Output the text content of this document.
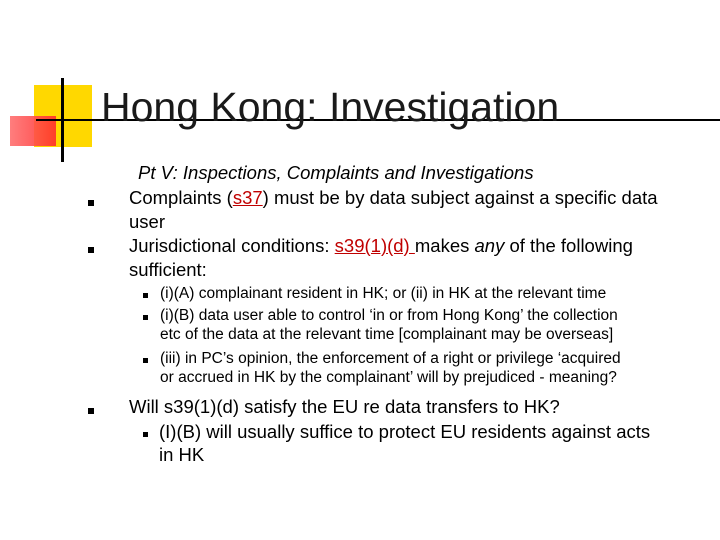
Hong Kong: Investigation
Pt V: Inspections, Complaints and Investigations
Complaints (s37) must be by data subject against a specific data
user
Jurisdictional conditions: s39(1)(d) makes any of the following
sufficient:
(i)(A) complainant resident in HK; or (ii) in HK at the relevant time
(i)(B) data user able to control ‘in or from Hong Kong’ the collection
etc of the data at the relevant time [complainant may be overseas]
(iii) in PC’s opinion, the enforcement of a right or privilege ‘acquired
or accrued in HK by the complainant’ will by prejudiced - meaning?
Will s39(1)(d) satisfy the EU re data transfers to HK?
(I)(B) will usually suffice to protect EU residents against acts
in HK
